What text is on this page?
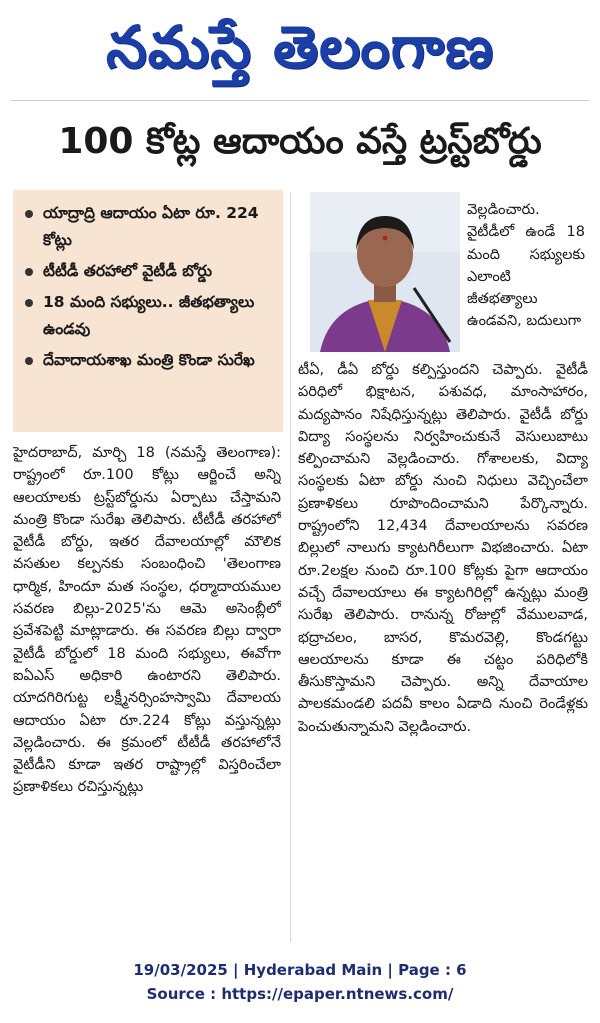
నమస్తే తెలంగాణ
100 కోట్ల ఆదాయం వస్తే ట్రస్ట్‌బోర్డు
యాద్రాద్రి ఆదాయం ఏటా రూ. 224 కోట్లు
టీటీడీ తరహాలో వైటీడీ బోర్డు
18 మంది సభ్యులు.. జీతభత్యాలు ఉండవు
దేవాదాయశాఖ మంత్రి కొండా సురేఖ

వెల్లడించారు. వైటీడీలో ఉండే 18 మంది సభ్యులకు ఎలాంటి జీతభత్యాలు ఉండవని, బదులుగా

హైదరాబాద్, మార్చి 18 (నమస్తే తెలంగాణ): రాష్ట్రంలో రూ.100 కోట్లు ఆర్జించే అన్ని ఆలయాలకు ట్రస్ట్‌బోర్డును ఏర్పాటు చేస్తామని మంత్రి కొండా సురేఖ తెలిపారు. టీటీడీ తరహాలో వైటీడీ బోర్డు, ఇతర దేవాలయాల్లో మౌలిక వసతుల కల్పనకు సంబంధించి 'తెలంగాణ ధార్మిక, హిందూ మత సంస్థల, ధర్మాదాయముల సవరణ బిల్లు-2025'ను ఆమె అసెంబ్లీలో ప్రవేశపెట్టి మాట్లాడారు. ఈ సవరణ బిల్లు ద్వారా వైటీడీ బోర్డులో 18 మంది సభ్యులు, ఈవోగా ఐఏఎస్ అధికారి ఉంటారని తెలిపారు. యాదగిరిగుట్ట లక్ష్మీనర్సింహస్వామి దేవాలయ ఆదాయం ఏటా రూ.224 కోట్లు వస్తున్నట్లు వెల్లడించారు. ఈ క్రమంలో టీటీడీ తరహాలోనే వైటీడీని కూడా ఇతర రాష్ట్రాల్లో విస్తరించేలా ప్రణాళికలు రచిస్తున్నట్లు

టీఏ, డీఏ బోర్డు కల్పిస్తుందని చెప్పారు. వైటీడీ పరిధిలో భిక్షాటన, పశువధ, మాంసాహారం, మద్యపానం నిషేధిస్తున్నట్లు తెలిపారు. వైటీడీ బోర్డు విద్యా సంస్థలను నిర్వహించుకునే వెసులుబాటు కల్పించామని వెల్లడించారు. గోశాలలకు, విద్యా సంస్థలకు ఏటా బోర్డు నుంచి నిధులు వెచ్చించేలా ప్రణాళికలు రూపొందించామని పేర్కొన్నారు. రాష్ట్రంలోని 12,434 దేవాలయాలను సవరణ బిల్లులో నాలుగు క్యాటగిరీలుగా విభజించారు. ఏటా రూ.2లక్షల నుంచి రూ.100 కోట్లకు పైగా ఆదాయం వచ్చే దేవాలయాలు ఈ క్యాటగిరిల్లో ఉన్నట్లు మంత్రి సురేఖ తెలిపారు. రానున్న రోజుల్లో వేములవాడ, భద్రాచలం, బాసర, కొమరవెల్లి, కొండగట్టు ఆలయాలను కూడా ఈ చట్టం పరిధిలోకి తీసుకొస్తామని చెప్పారు. అన్ని దేవాయాల పాలకమండలి పదవీ కాలం ఏడాది నుంచి రెండేళ్లకు పెంచుతున్నామని వెల్లడించారు.

19/03/2025 | Hyderabad Main | Page : 6
Source : https://epaper.ntnews.com/
